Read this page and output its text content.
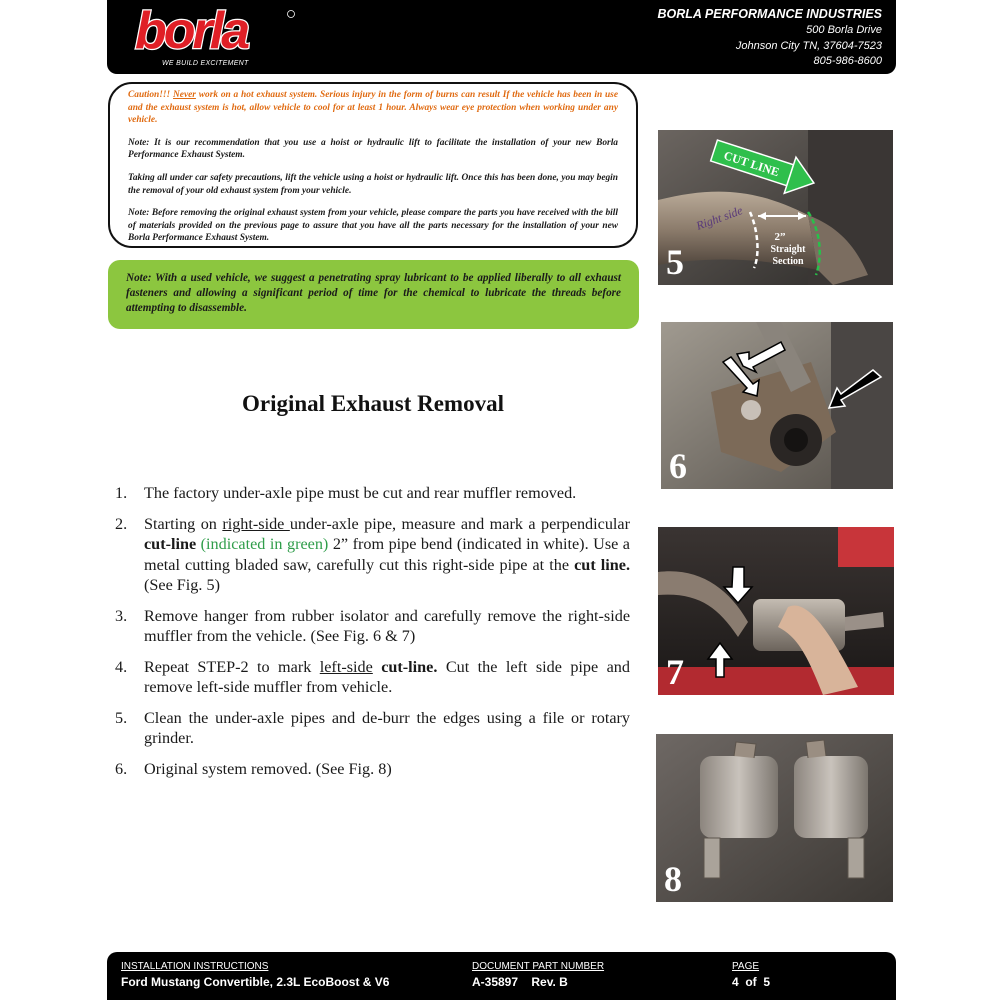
borla
WE BUILD EXCITEMENT
BORLA PERFORMANCE INDUSTRIES
500 Borla Drive
Johnson City TN, 37604-7523
805-986-8600

Caution!!! Never work on a hot exhaust system. Serious injury in the form of burns can result If the vehicle has been in use and the exhaust system is hot, allow vehicle to cool for at least 1 hour. Always wear eye protection when working under any vehicle.

Note: It is our recommendation that you use a hoist or hydraulic lift to facilitate the installation of your new Borla Performance Exhaust System.

Taking all under car safety precautions, lift the vehicle using a hoist or hydraulic lift. Once this has been done, you may begin the removal of your old exhaust system from your vehicle.

Note: Before removing the original exhaust system from your vehicle, please compare the parts you have received with the bill of materials provided on the previous page to assure that you have all the parts necessary for the installation of your new Borla Performance Exhaust System.

Note: With a used vehicle, we suggest a penetrating spray lubricant to be applied liberally to all exhaust fasteners and allowing a significant period of time for the chemical to lubricate the threads before attempting to disassemble.
Original Exhaust Removal
1.	The factory under-axle pipe must be cut and rear muffler removed.
2.	Starting on right-side under-axle pipe, measure and mark a perpendicular cut-line (indicated in green) 2” from pipe bend (indicated in white). Use a metal cutting bladed saw, carefully cut this right-side pipe at the cut line. (See Fig. 5)
3.	Remove hanger from rubber isolator and carefully remove the right-side muffler from the vehicle. (See Fig. 6 & 7)
4.	Repeat STEP-2 to mark left-side cut-line. Cut the left side pipe and remove left-side muffler from vehicle.
5.	Clean the under-axle pipes and de-burr the edges using a file or rotary grinder.
6.	Original system removed. (See Fig. 8)
CUT LINE
Right side
2”
Straight
Section
5
6
7
8
INSTALLATION INSTRUCTIONS
Ford Mustang Convertible, 2.3L EcoBoost & V6
DOCUMENT PART NUMBER
A-35897 Rev. B
PAGE
4  of  5
